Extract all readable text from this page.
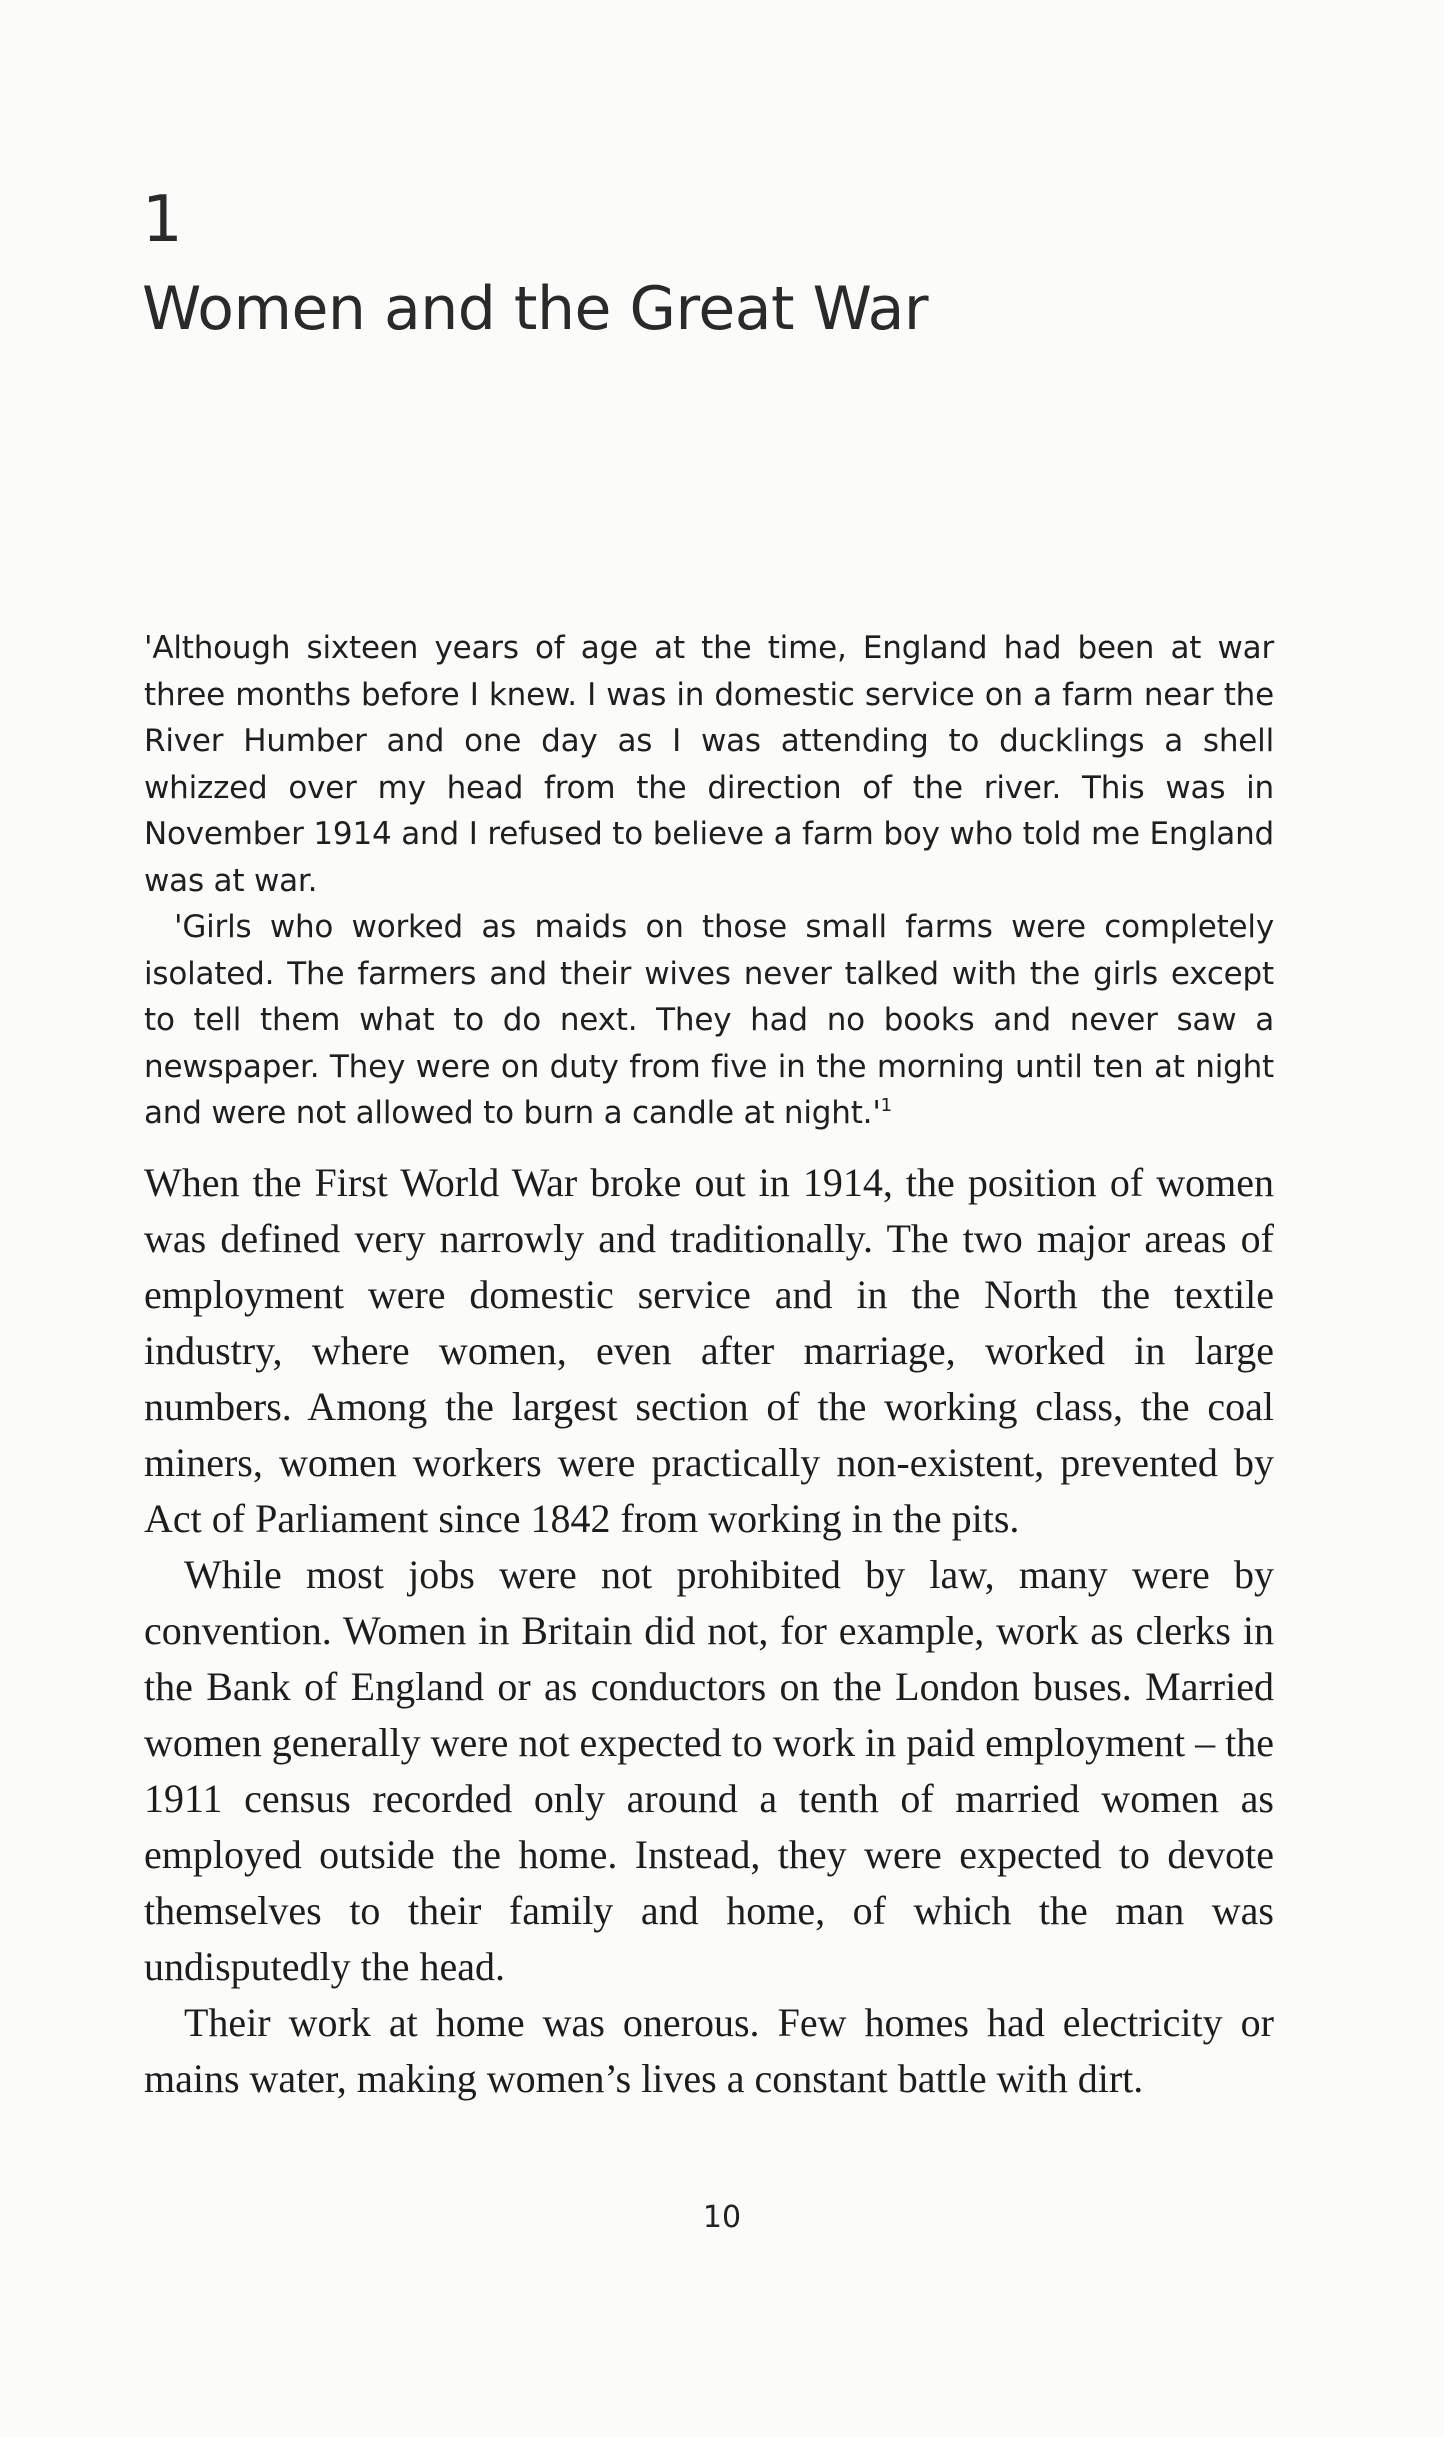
1
Women and the Great War

'Although sixteen years of age at the time, England had been at war three months before I knew. I was in domestic service on a farm near the River Humber and one day as I was attending to ducklings a shell whizzed over my head from the direction of the river. This was in November 1914 and I refused to believe a farm boy who told me England was at war.

'Girls who worked as maids on those small farms were completely isolated. The farmers and their wives never talked with the girls except to tell them what to do next. They had no books and never saw a newspaper. They were on duty from five in the morning until ten at night and were not allowed to burn a candle at $night.'^1$

When the First World War broke out in 1914, the position of women was defined very narrowly and traditionally. The two major areas of employment were domestic service and in the North the textile industry, where women, even after marriage, worked in large numbers. Among the largest section of the working class, the coal miners, women workers were practically non-existent, prevented by Act of Parliament since 1842 from working in the pits.

While most jobs were not prohibited by law, many were by convention. Women in Britain did not, for example, work as clerks in the Bank of England or as conductors on the London buses. Married women generally were not expected to work in paid employment – the 1911 census recorded only around a tenth of married women as employed outside the home. Instead, they were expected to devote themselves to their family and home, of which the man was undisputedly the head.

Their work at home was onerous. Few homes had electricity or mains water, making women’s lives a constant battle with dirt.

10
